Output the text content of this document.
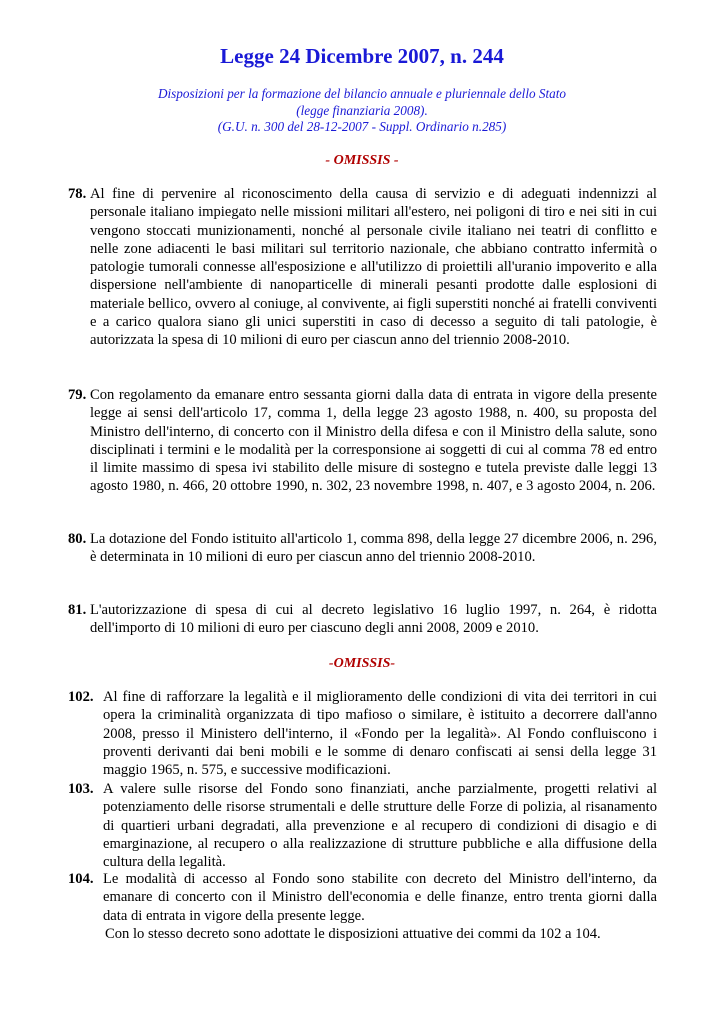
Legge 24 Dicembre 2007, n. 244
Disposizioni per la formazione del bilancio annuale e pluriennale dello Stato
(legge finanziaria 2008).
(G.U. n. 300 del 28-12-2007 - Suppl. Ordinario n.285)
- OMISSIS -
78. Al fine di pervenire al riconoscimento della causa di servizio e di adeguati indennizzi al personale italiano impiegato nelle missioni militari all'estero, nei poligoni di tiro e nei siti in cui vengono stoccati munizionamenti, nonché al personale civile italiano nei teatri di conflitto e nelle zone adiacenti le basi militari sul territorio nazionale, che abbiano contratto infermità o patologie tumorali connesse all'esposizione e all'utilizzo di proiettili all'uranio impoverito e alla dispersione nell'ambiente di nanoparticelle di minerali pesanti prodotte dalle esplosioni di materiale bellico, ovvero al coniuge, al convivente, ai figli superstiti nonché ai fratelli conviventi e a carico qualora siano gli unici superstiti in caso di decesso a seguito di tali patologie, è autorizzata la spesa di 10 milioni di euro per ciascun anno del triennio 2008-2010.
79. Con regolamento da emanare entro sessanta giorni dalla data di entrata in vigore della presente legge ai sensi dell'articolo 17, comma 1, della legge 23 agosto 1988, n. 400, su proposta del Ministro dell'interno, di concerto con il Ministro della difesa e con il Ministro della salute, sono disciplinati i termini e le modalità per la corresponsione ai soggetti di cui al comma 78 ed entro il limite massimo di spesa ivi stabilito delle misure di sostegno e tutela previste dalle leggi 13 agosto 1980, n. 466, 20 ottobre 1990, n. 302, 23 novembre 1998, n. 407, e 3 agosto 2004, n. 206.
80. La dotazione del Fondo istituito all'articolo 1, comma 898, della legge 27 dicembre 2006, n. 296, è determinata in 10 milioni di euro per ciascun anno del triennio 2008-2010.
81. L'autorizzazione di spesa di cui al decreto legislativo 16 luglio 1997, n. 264, è ridotta dell'importo di 10 milioni di euro per ciascuno degli anni 2008, 2009 e 2010.
-OMISSIS-
102. Al fine di rafforzare la legalità e il miglioramento delle condizioni di vita dei territori in cui opera la criminalità organizzata di tipo mafioso o similare, è istituito a decorrere dall'anno 2008, presso il Ministero dell'interno, il «Fondo per la legalità». Al Fondo confluiscono i proventi derivanti dai beni mobili e le somme di denaro confiscati ai sensi della legge 31 maggio 1965, n. 575, e successive modificazioni.
103. A valere sulle risorse del Fondo sono finanziati, anche parzialmente, progetti relativi al potenziamento delle risorse strumentali e delle strutture delle Forze di polizia, al risanamento di quartieri urbani degradati, alla prevenzione e al recupero di condizioni di disagio e di emarginazione, al recupero o alla realizzazione di strutture pubbliche e alla diffusione della cultura della legalità.
104. Le modalità di accesso al Fondo sono stabilite con decreto del Ministro dell'interno, da emanare di concerto con il Ministro dell'economia e delle finanze, entro trenta giorni dalla data di entrata in vigore della presente legge.
Con lo stesso decreto sono adottate le disposizioni attuative dei commi da 102 a 104.
